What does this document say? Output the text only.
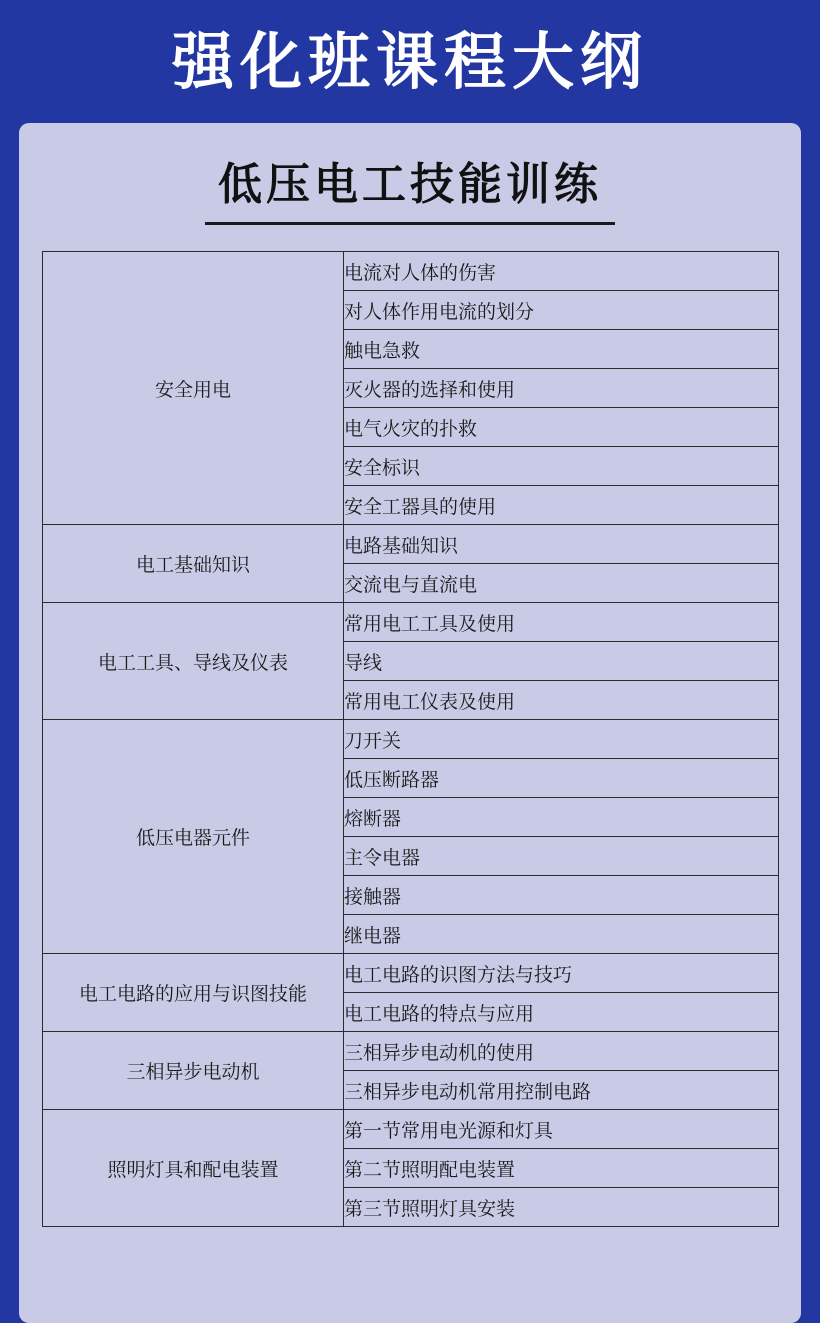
强化班课程大纲
低压电工技能训练
安全用电	电流对人体的伤害
	对人体作用电流的划分
	触电急救
	灭火器的选择和使用
	电气火灾的扑救
	安全标识
	安全工器具的使用
电工基础知识	电路基础知识
	交流电与直流电
电工工具、导线及仪表	常用电工工具及使用
	导线
	常用电工仪表及使用
低压电器元件	刀开关
	低压断路器
	熔断器
	主令电器
	接触器
	继电器
电工电路的应用与识图技能	电工电路的识图方法与技巧
	电工电路的特点与应用
三相异步电动机	三相异步电动机的使用
	三相异步电动机常用控制电路
照明灯具和配电装置	第一节常用电光源和灯具
	第二节照明配电装置
	第三节照明灯具安装
